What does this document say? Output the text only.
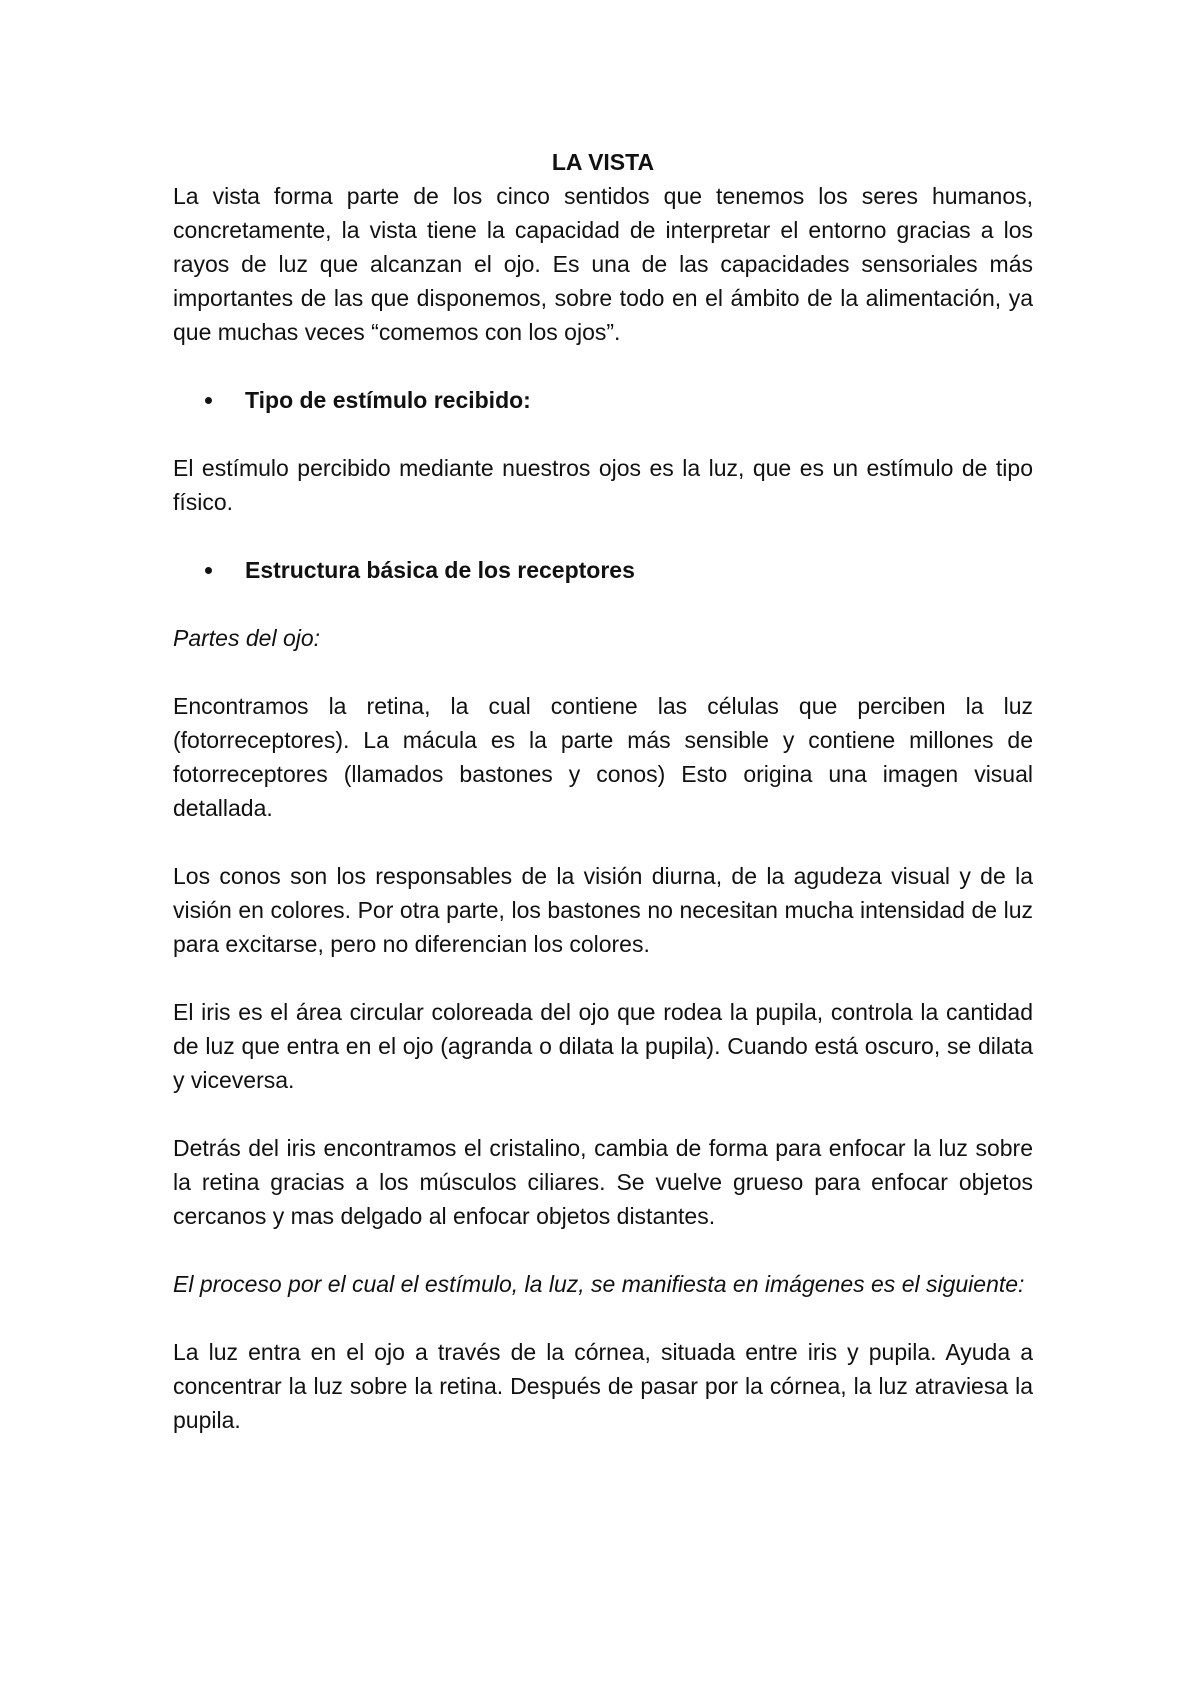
LA VISTA

La vista forma parte de los cinco sentidos que tenemos los seres humanos, concretamente, la vista tiene la capacidad de interpretar el entorno gracias a los rayos de luz que alcanzan el ojo. Es una de las capacidades sensoriales más importantes de las que disponemos, sobre todo en el ámbito de la alimentación, ya que muchas veces “comemos con los ojos”.

Tipo de estímulo recibido:

El estímulo percibido mediante nuestros ojos es la luz, que es un estímulo de tipo físico.

Estructura básica de los receptores

Partes del ojo:

Encontramos la retina, la cual contiene las células que perciben la luz (fotorreceptores). La mácula es la parte más sensible y contiene millones de fotorreceptores (llamados bastones y conos) Esto origina una imagen visual detallada.

Los conos son los responsables de la visión diurna, de la agudeza visual y de la visión en colores. Por otra parte, los bastones no necesitan mucha intensidad de luz para excitarse, pero no diferencian los colores.

El iris es el área circular coloreada del ojo que rodea la pupila, controla la cantidad de luz que entra en el ojo (agranda o dilata la pupila). Cuando está oscuro, se dilata y viceversa.

Detrás del iris encontramos el cristalino, cambia de forma para enfocar la luz sobre la retina gracias a los músculos ciliares. Se vuelve grueso para enfocar objetos cercanos y mas delgado al enfocar objetos distantes.

El proceso por el cual el estímulo, la luz, se manifiesta en imágenes es el siguiente:

La luz entra en el ojo a través de la córnea, situada entre iris y pupila. Ayuda a concentrar la luz sobre la retina. Después de pasar por la córnea, la luz atraviesa la pupila.
